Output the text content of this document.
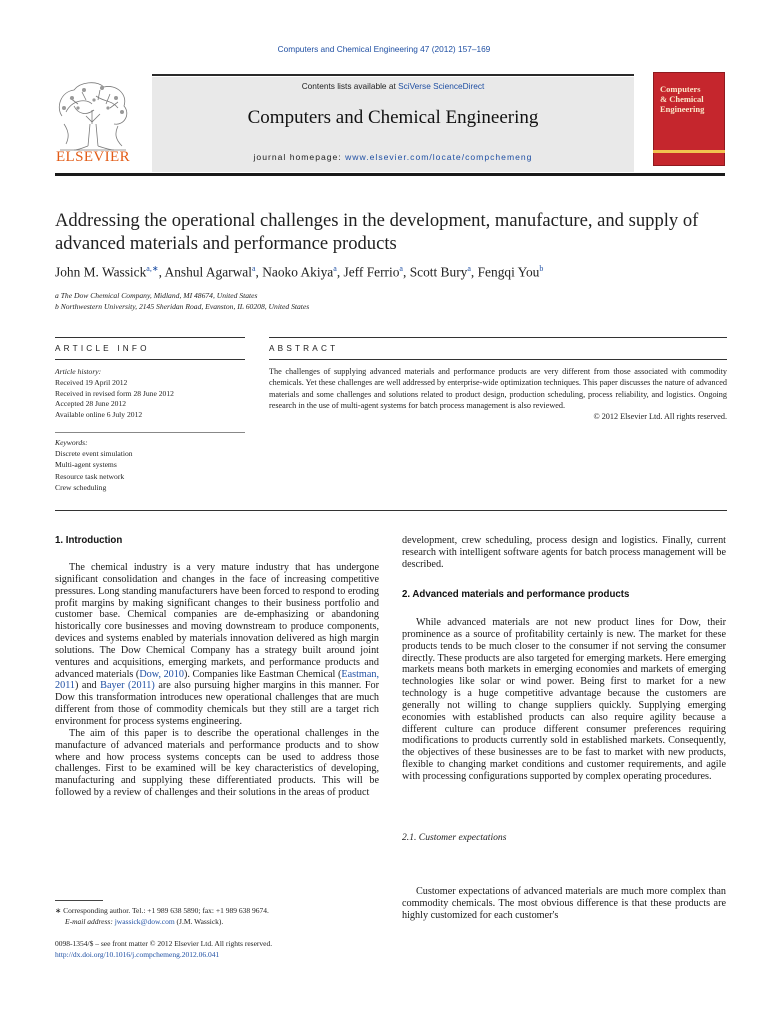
Computers and Chemical Engineering 47 (2012) 157–169
Contents lists available at SciVerse ScienceDirect
Computers and Chemical Engineering
journal homepage: www.elsevier.com/locate/compchemeng
ELSEVIER
Computers
& Chemical
Engineering
Addressing the operational challenges in the development, manufacture, and supply of advanced materials and performance products
John M. Wassick$^{a,∗}$, Anshul Agarwal$^a$, Naoko Akiya$^a$, Jeff Ferrio$^a$, Scott Bury$^a$, Fengqi You$^b$
a The Dow Chemical Company, Midland, MI 48674, United States
b Northwestern University, 2145 Sheridan Road, Evanston, IL 60208, United States
ARTICLE INFO	ABSTRACT
Article history:
Received 19 April 2012
Received in revised form 28 June 2012
Accepted 28 June 2012
Available online 6 July 2012
Keywords:
Discrete event simulation
Multi-agent systems
Resource task network
Crew scheduling
The challenges of supplying advanced materials and performance products are very different from those associated with commodity chemicals. Yet these challenges are well addressed by enterprise-wide optimization techniques. This paper discusses the nature of advanced materials and some challenges and solutions related to product design, production scheduling, process reliability, and logistics. Ongoing research in the use of multi-agent systems for batch process management is also reviewed.
© 2012 Elsevier Ltd. All rights reserved.
1. Introduction

The chemical industry is a very mature industry that has undergone significant consolidation and changes in the face of increasing competitive pressures. Long standing manufacturers have been forced to respond to eroding profit margins by making significant changes to their business portfolio and customer base. Chemical companies are de-emphasizing or abandoning historically core businesses and moving downstream to produce components, devices and systems enabled by materials innovation delivered as high margin solutions. The Dow Chemical Company has a strategy built around joint ventures and acquisitions, emerging markets, and performance products and advanced materials (Dow, 2010). Companies like Eastman Chemical (Eastman, 2011) and Bayer (2011) are also pursuing higher margins in this manner. For Dow this transformation introduces new operational challenges that are much different from those of commodity chemicals but they still are a target rich environment for process systems engineering.

The aim of this paper is to describe the operational challenges in the manufacture of advanced materials and performance products and to show where and how process systems concepts can be used to address those challenges. First to be examined will be key characteristics of developing, manufacturing and supplying these differentiated products. This will be followed by a review of challenges and their solutions in the areas of product

development, crew scheduling, process design and logistics. Finally, current research with intelligent software agents for batch process management will be described.
2. Advanced materials and performance products

While advanced materials are not new product lines for Dow, their prominence as a source of profitability certainly is new. The market for these products tends to be much closer to the consumer if not serving the consumer directly. These products are also targeted for emerging markets. Here emerging markets means both markets in emerging economies and markets of emerging technologies like solar or wind power. Being first to market for a new technology is a huge competitive advantage because the customers are generally not willing to change suppliers quickly. Supplying emerging economies with established products can also require agility because a different culture can produce different consumer preferences requiring modifications to products currently sold in established markets. Consequently, the objectives of these businesses are to be fast to market with new products, flexible to changing market conditions and customer requirements, and agile with processing configurations supported by complex operating procedures.

2.1. Customer expectations

Customer expectations of advanced materials are much more complex than commodity chemicals. The most obvious difference is that these products are highly customized for each customer's

∗ Corresponding author. Tel.: +1 989 638 5890; fax: +1 989 638 9674.
E-mail address: jwassick@dow.com (J.M. Wassick).
0098-1354/$ – see front matter © 2012 Elsevier Ltd. All rights reserved.
http://dx.doi.org/10.1016/j.compchemeng.2012.06.041
